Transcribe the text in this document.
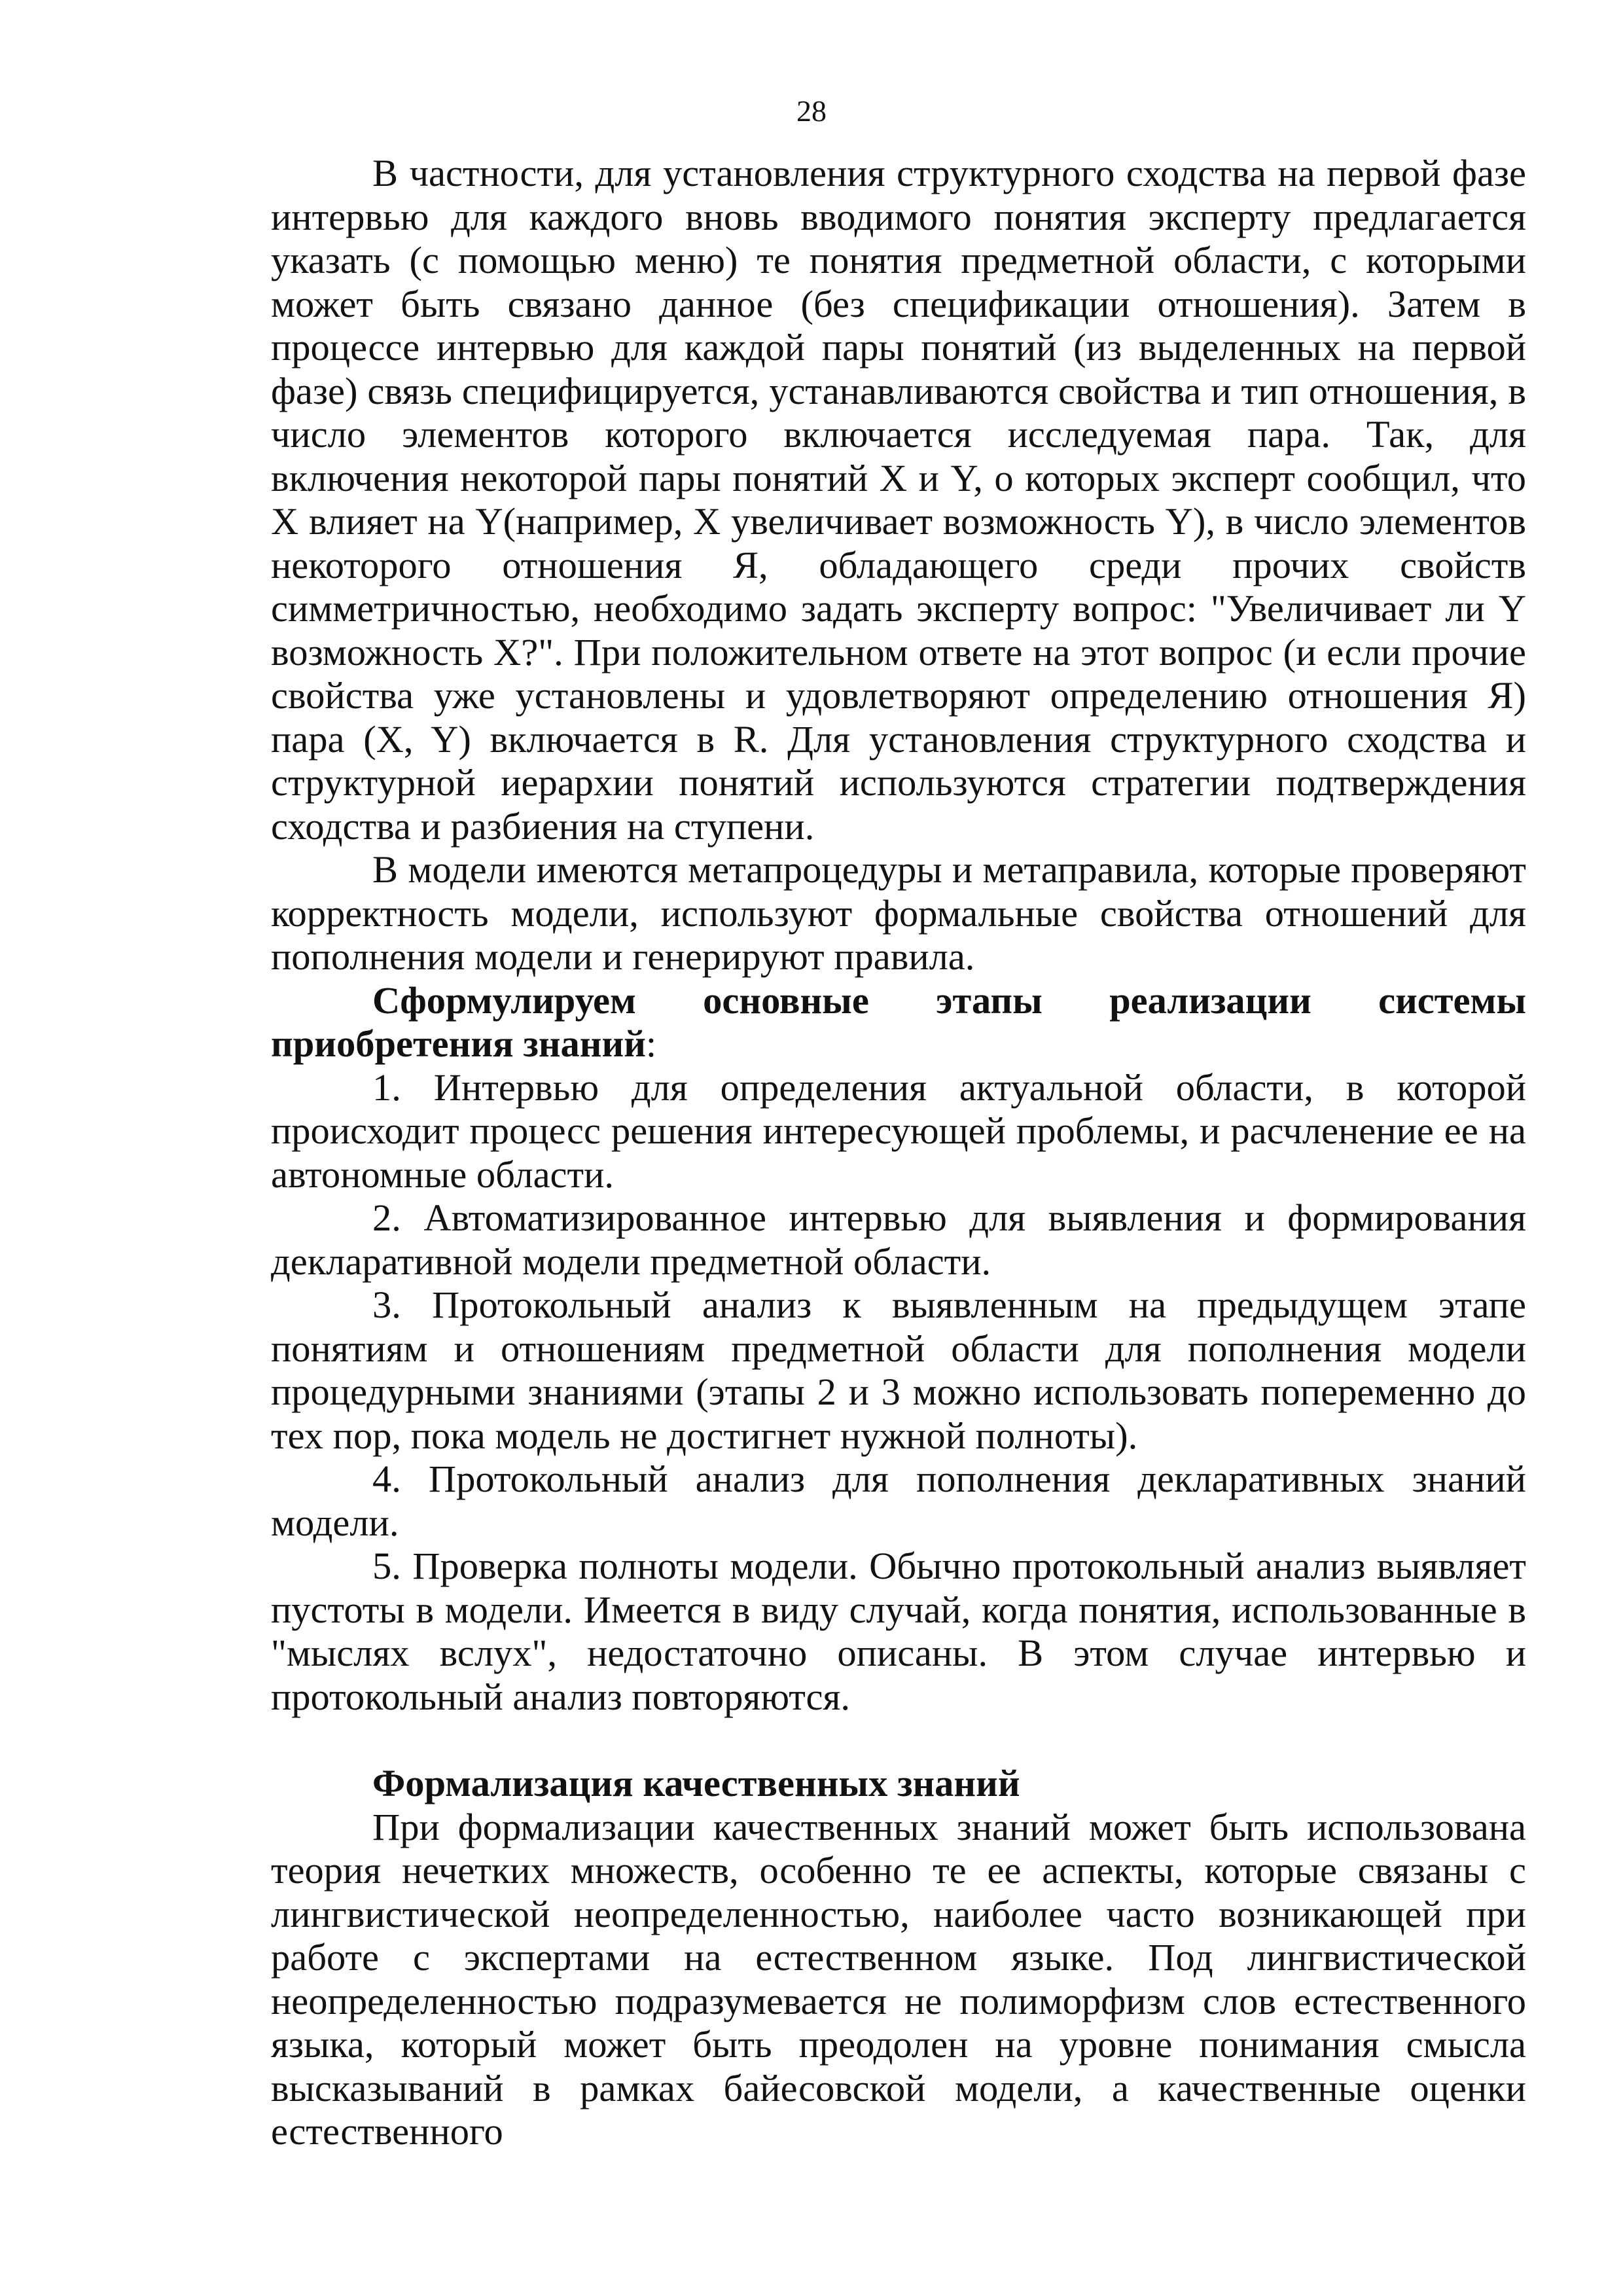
28

В частности, для установления структурного сходства на первой фазе интервью для каждого вновь вводимого понятия эксперту предлагается указать (с помощью меню) те понятия предметной области, с которыми может быть связано данное (без спецификации отношения). Затем в процессе интервью для каждой пары понятий (из выделенных на первой фазе) связь специфицируется, устанавливаются свойства и тип отношения, в число элементов которого включается исследуемая пара. Так, для включения некоторой пары понятий X и Y, о которых эксперт сообщил, что X влияет на Y(например, X увеличивает возможность Y), в число элементов некоторого отношения Я, обладающего среди прочих свойств симметричностью, необходимо задать эксперту вопрос: "Увеличивает ли Y возможность X?". При положительном ответе на этот вопрос (и если прочие свойства уже установлены и удовлетворяют определению отношения Я) пара (X, Y) включается в R. Для установления структурного сходства и структурной иерархии понятий используются стратегии подтверждения сходства и разбиения на ступени.

В модели имеются метапроцедуры и метаправила, которые проверяют корректность модели, используют формальные свойства отношений для пополнения модели и генерируют правила.

Сформулируем основные этапы реализации системы приобретения знаний:

1. Интервью для определения актуальной области, в которой происходит процесс решения интересующей проблемы, и расчленение ее на автономные области.

2. Автоматизированное интервью для выявления и формирования декларативной модели предметной области.

3. Протокольный анализ к выявленным на предыдущем этапе понятиям и отношениям предметной области для пополнения модели процедурными знаниями (этапы 2 и 3 можно использовать попеременно до тех пор, пока модель не достигнет нужной полноты).

4. Протокольный анализ для пополнения декларативных знаний модели.

5. Проверка полноты модели. Обычно протокольный анализ выявляет пустоты в модели. Имеется в виду случай, когда понятия, использованные в "мыслях вслух", недостаточно описаны. В этом случае интервью и протокольный анализ повторяются.

Формализация качественных знаний

При формализации качественных знаний может быть использована теория нечетких множеств, особенно те ее аспекты, которые связаны с лингвистической неопределенностью, наиболее часто возникающей при работе с экспертами на естественном языке. Под лингвистической неопределенностью подразумевается не полиморфизм слов естественного языка, который может быть преодолен на уровне понимания смысла высказываний в рамках байесовской модели, а качественные оценки естественного
